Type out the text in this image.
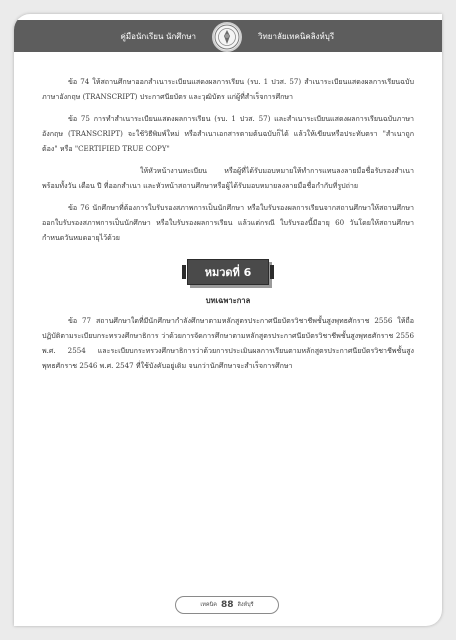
คู่มือนักเรียน นักศึกษา	วิทยาลัยเทคนิคลิงห์บุรี

ข้อ 74 ให้สถานศึกษาออกสำเนาระเบียนแสดงผลการเรียน (รบ. 1 ปวส. 57) สำเนาระเบียนแสดงผลการเรียนฉบับภาษาอังกฤษ (TRANSCRIPT) ประกาศนียบัตร และวุฒิบัตร แก่ผู้ที่สำเร็จการศึกษา

ข้อ 75 การทำสำเนาระเบียนแสดงผลการเรียน (รบ. 1 ปวส. 57) และสำเนาระเบียนแสดงผลการเรียนฉบับภาษาอังกฤษ (TRANSCRIPT) จะใช้วิธีพิมพ์ใหม่ หรือสำเนาเอกสารตามต้นฉบับก็ได้ แล้วให้เขียนหรือประทับตรา "สำเนาถูกต้อง" หรือ "CERTIFIED TRUE COPY"

ให้หัวหน้างานทะเบียน หรือผู้ที่ได้รับมอบหมายให้ทำการแทนลงลายมือชื่อรับรองสำเนาพร้อมทั้งวัน เดือน ปี ที่ออกสำเนา และหัวหน้าสถานศึกษาหรือผู้ได้รับมอบหมายลงลายมือชื่อกำกับที่รูปถ่าย

ข้อ 76 นักศึกษาที่ต้องการใบรับรองสภาพการเป็นนักศึกษา หรือใบรับรองผลการเรียนจากสถานศึกษาให้สถานศึกษาออกใบรับรองสภาพการเป็นนักศึกษา หรือใบรับรองผลการเรียน แล้วแต่กรณี ใบรับรองนี้มีอายุ 60 วันโดยให้สถานศึกษากำหนดวันหมดอายุไว้ด้วย

หมวดที่ 6
บทเฉพาะกาล

ข้อ 77 สถานศึกษาใดที่มีนักศึกษากำลังศึกษาตามหลักสูตรประกาศนียบัตรวิชาชีพชั้นสูงพุทธศักราช 2556 ให้ถือปฏิบัติตามระเบียบกระทรวงศึกษาธิการ ว่าด้วยการจัดการศึกษาตามหลักสูตรประกาศนียบัตรวิชาชีพชั้นสูงพุทธศักราช 2556 พ.ศ. 2554 และระเบียบกระทรวงศึกษาธิการว่าด้วยการประเมินผลการเรียนตามหลักสูตรประกาศนียบัตรวิชาชีพชั้นสูง พุทธศักราช 2546 พ.ศ. 2547 ที่ใช้บังคับอยู่เดิม จนกว่านักศึกษาจะสำเร็จการศึกษา

เทคนิค 88 สิงห์บุรี
